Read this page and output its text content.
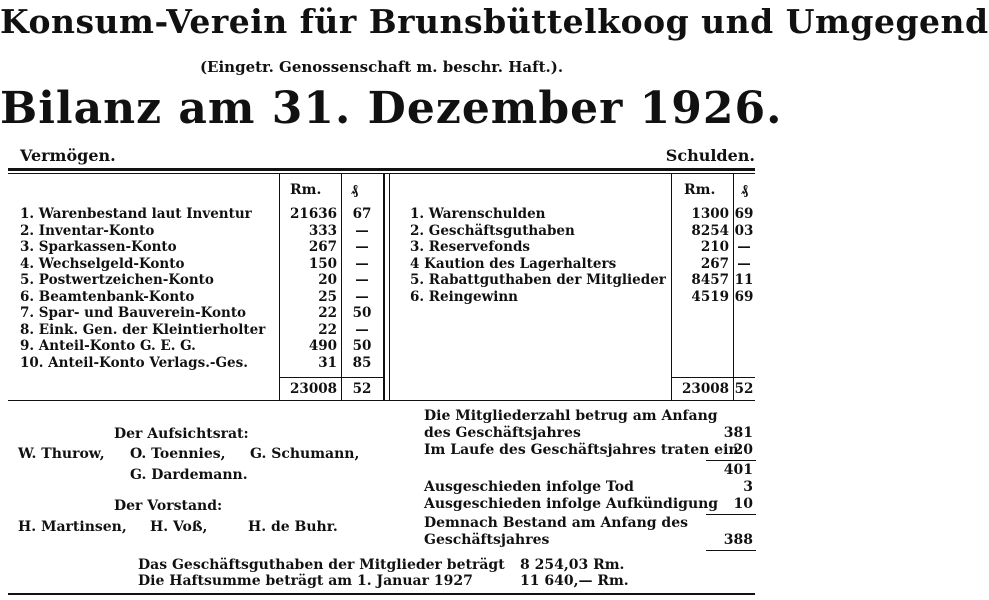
Konsum-Verein für Brunsbüttelkoog und Umgegend
(Eingetr. Genossenschaft m. beschr. Haft.).
Bilanz am 31. Dezember 1926.
Vermögen.	Schulden.
Rm. ₰	Rm. ₰
1. Warenbestand laut Inventur	21636	67
2. Inventar-Konto	333	—
3. Sparkassen-Konto	267	—
4. Wechselgeld-Konto	150	—
5. Postwertzeichen-Konto	20	—
6. Beamtenbank-Konto	25	—
7. Spar- und Bauverein-Konto	22	50
8. Eink. Gen. der Kleintierholter	22	—
9. Anteil-Konto G. E. G.	490	50
10. Anteil-Konto Verlags.-Ges.	31	85
23008	52
1. Warenschulden	1300 69
2. Geschäftsguthaben	8254 03
3. Reservefonds	210 —
4 Kaution des Lagerhalters	267 —
5. Rabattguthaben der Mitglieder	8457 11
6. Reingewinn	4519 69
23008 52
Der Aufsichtsrat:
W. Thurow, O. Toennies, G. Schumann,
G. Dardemann.
Der Vorstand:
H. Martinsen, H. Voß,	H. de Buhr.
Die Mitgliederzahl betrug am Anfang
des Geschäftsjahres	381
Im Laufe des Geschäftsjahres traten ein
20
401
Ausgeschieden infolge Tod	3
Ausgeschieden infolge Aufkündigung	10
Demnach Bestand am Anfang des
Geschäftsjahres	388
Das Geschäftsguthaben der Mitglieder beträgt 8 254,03 Rm.
Die Haftsumme beträgt am 1. Januar 1927	11 640,— Rm.
